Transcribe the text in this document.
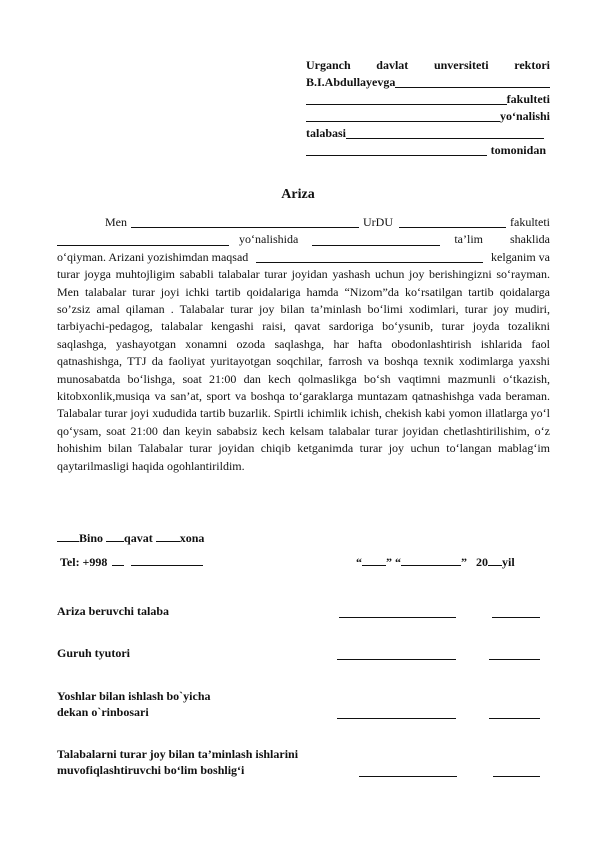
Urganch davlat unversiteti rektori
B.I.Abdullayevga
fakulteti
yo‘nalishi
talabasi
tomonidan
Ariza
Men	UrDU	fakulteti
yo‘nalishida	ta’lim shaklida
o‘qiyman. Arizani yozishimdan maqsad	kelganim va
turar joyga muhtojligim sababli talabalar turar joyidan yashash uchun joy berishingizni so‘rayman. Men talabalar turar joyi ichki tartib qoidalariga hamda “Nizom”da ko‘rsatilgan tartib qoidalarga so’zsiz amal qilaman . Talabalar turar joy bilan ta’minlash bo‘limi xodimlari, turar joy mudiri, tarbiyachi-pedagog, talabalar kengashi raisi, qavat sardoriga bo‘ysunib, turar joyda tozalikni saqlashga, yashayotgan xonamni ozoda saqlashga, har hafta obodonlashtirish ishlarida faol qatnashishga, TTJ da faoliyat yuritayotgan soqchilar, farrosh va boshqa texnik xodimlarga yaxshi munosabatda bo‘lishga, soat 21:00 dan kech qolmaslikga bo‘sh vaqtimni mazmunli o‘tkazish, kitobxonlik,musiqa va san’at, sport va boshqa to‘garaklarga muntazam qatnashishga vada beraman. Talabalar turar joyi xududida tartib buzarlik. Spirtli ichimlik ichish, chekish kabi yomon illatlarga yo‘l qo‘ysam, soat 21:00 dan keyin sababsiz kech kelsam talabalar turar joyidan chetlashtirilishim, o‘z hohishim bilan Talabalar turar joyidan chiqib ketganimda turar joy uchun to‘langan mablag‘im qaytarilmasligi haqida ogohlantirildim.
Bino qavat xona
Tel: +998	“ ” “	” 20 yil
Ariza beruvchi talaba
Guruh tyutori
Yoshlar bilan ishlash bo`yicha
dekan o`rinbosari
Talabalarni turar joy bilan ta’minlash ishlarini
muvofiqlashtiruvchi bo‘lim boshlig‘i
